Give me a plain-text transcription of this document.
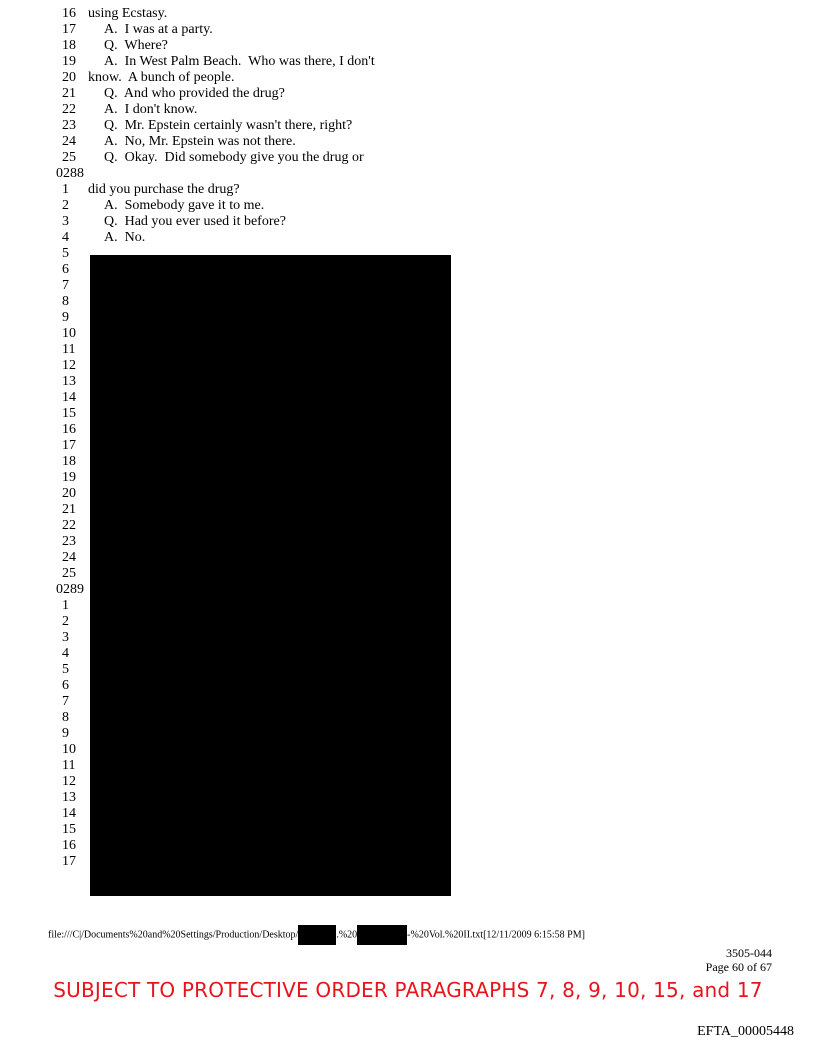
16 using Ecstasy.
17 A.  I was at a party.
18 Q.  Where?
19 A.  In West Palm Beach.  Who was there, I don't
20 know.  A bunch of people.
21 Q.  And who provided the drug?
22 A.  I don't know.
23 Q.  Mr. Epstein certainly wasn't there, right?
24 A.  No, Mr. Epstein was not there.
25 Q.  Okay.  Did somebody give you the drug or
0288
1 did you purchase the drug?
2	A.  Somebody gave it to me.
3	Q.  Had you ever used it before?
4	A.  No.
5
6
7
8
9
10
11
12
13
14
15
16
17
18
19
20
21
22
23
24
25
0289
1
2
3
4
5
6
7
8
9
10
11
12
13
14
15
16
17
file:///C|/Documents%20and%20Settings/Production/Desktop/	.%20	-%20Vol.%20II.txt[12/11/2009 6:15:58 PM]
3505-044
Page 60 of 67
SUBJECT TO PROTECTIVE ORDER PARAGRAPHS 7, 8, 9, 10, 15, and 17
EFTA_00005448
